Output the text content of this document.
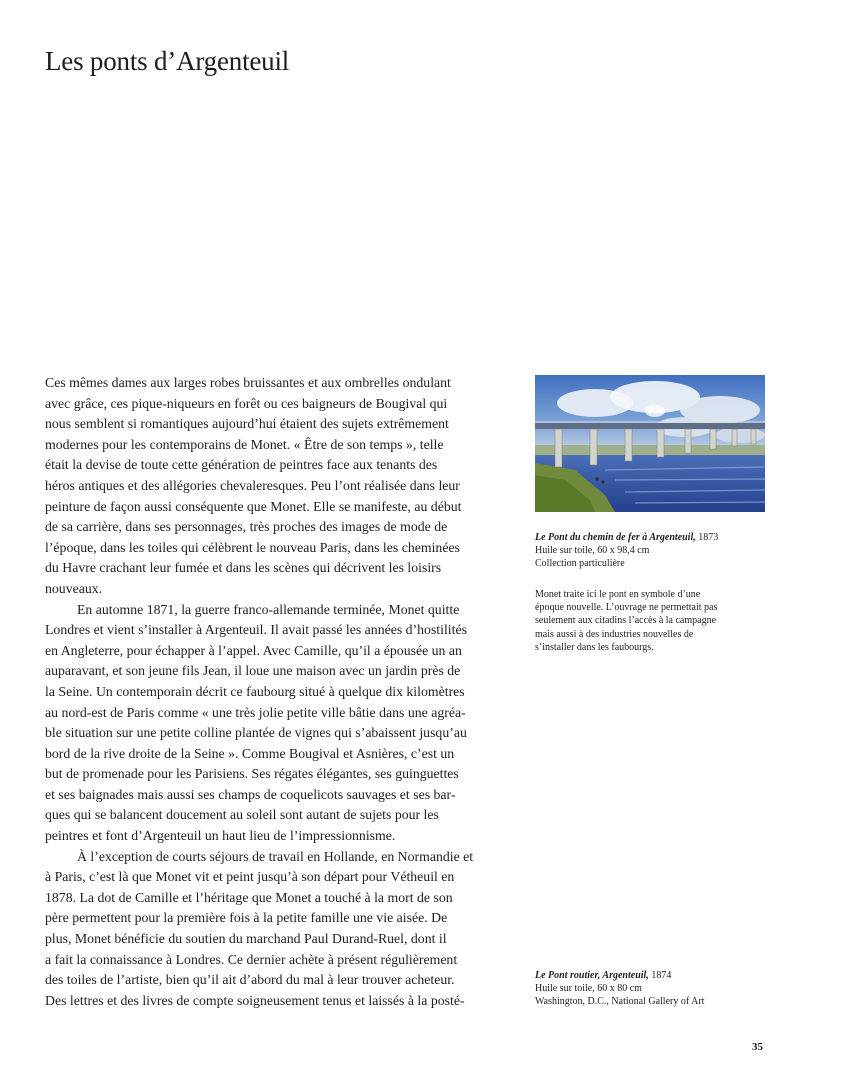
Les ponts d’Argenteuil
Ces mêmes dames aux larges robes bruissantes et aux ombrelles ondulant
avec grâce, ces pique-niqueurs en forêt ou ces baigneurs de Bougival qui
nous semblent si romantiques aujourd’hui étaient des sujets extrêmement
modernes pour les contemporains de Monet. « Être de son temps », telle
était la devise de toute cette génération de peintres face aux tenants des
héros antiques et des allégories chevaleresques. Peu l’ont réalisée dans leur
peinture de façon aussi conséquente que Monet. Elle se manifeste, au début
de sa carrière, dans ses personnages, très proches des images de mode de
l’époque, dans les toiles qui célèbrent le nouveau Paris, dans les cheminées
du Havre crachant leur fumée et dans les scènes qui décrivent les loisirs
nouveaux.
En automne 1871, la guerre franco-allemande terminée, Monet quitte
Londres et vient s’installer à Argenteuil. Il avait passé les années d’hostilités
en Angleterre, pour échapper à l’appel. Avec Camille, qu’il a épousée un an
auparavant, et son jeune fils Jean, il loue une maison avec un jardin près de
la Seine. Un contemporain décrit ce faubourg situé à quelque dix kilomètres
au nord-est de Paris comme « une très jolie petite ville bâtie dans une agréa-
ble situation sur une petite colline plantée de vignes qui s’abaissent jusqu’au
bord de la rive droite de la Seine ». Comme Bougival et Asnières, c’est un
but de promenade pour les Parisiens. Ses régates élégantes, ses guinguettes
et ses baignades mais aussi ses champs de coquelicots sauvages et ses bar-
ques qui se balancent doucement au soleil sont autant de sujets pour les
peintres et font d’Argenteuil un haut lieu de l’impressionnisme.
À l’exception de courts séjours de travail en Hollande, en Normandie et
à Paris, c’est là que Monet vit et peint jusqu’à son départ pour Vétheuil en
1878. La dot de Camille et l’héritage que Monet a touché à la mort de son
père permettent pour la première fois à la petite famille une vie aisée. De
plus, Monet bénéficie du soutien du marchand Paul Durand-Ruel, dont il
a fait la connaissance à Londres. Ce dernier achète à présent régulièrement
des toiles de l’artiste, bien qu’il ait d’abord du mal à leur trouver acheteur.
Des lettres et des livres de compte soigneusement tenus et laissés à la posté-
Le Pont du chemin de fer à Argenteuil, 1873
Huile sur toile, 60 x 98,4 cm
Collection particulière
Monet traite ici le pont en symbole d’une
époque nouvelle. L’ouvrage ne permettait pas
seulement aux citadins l’accès à la campagne
mais aussi à des industries nouvelles de
s’installer dans les faubourgs.
Le Pont routier, Argenteuil, 1874
Huile sur toile, 60 x 80 cm
Washington, D.C., National Gallery of Art
35
